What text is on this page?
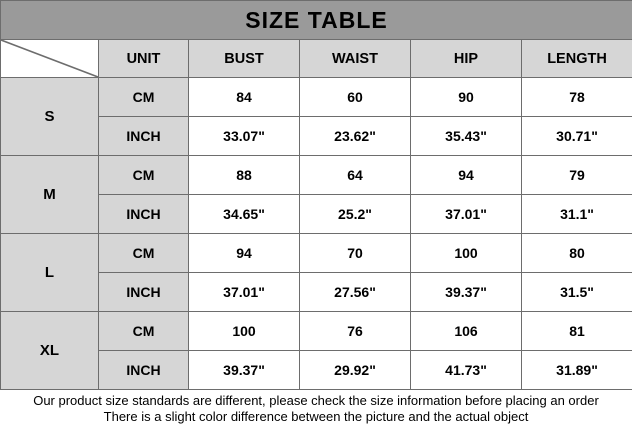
SIZE TABLE					

	UNIT	BUST	WAIST	HIP	LENGTH
S	CM	84	60	90	78
	INCH	33.07"	23.62"	35.43"	30.71"
M	CM	88	64	94	79
	INCH	34.65"	25.2"	37.01"	31.1"
L	CM	94	70	100	80
	INCH	37.01"	27.56"	39.37"	31.5"
XL	CM	100	76	106	81
	INCH	39.37"	29.92"	41.73"	31.89"
Our product size standards are different, please check the size information before placing an order
There is a slight color difference between the picture and the actual object
